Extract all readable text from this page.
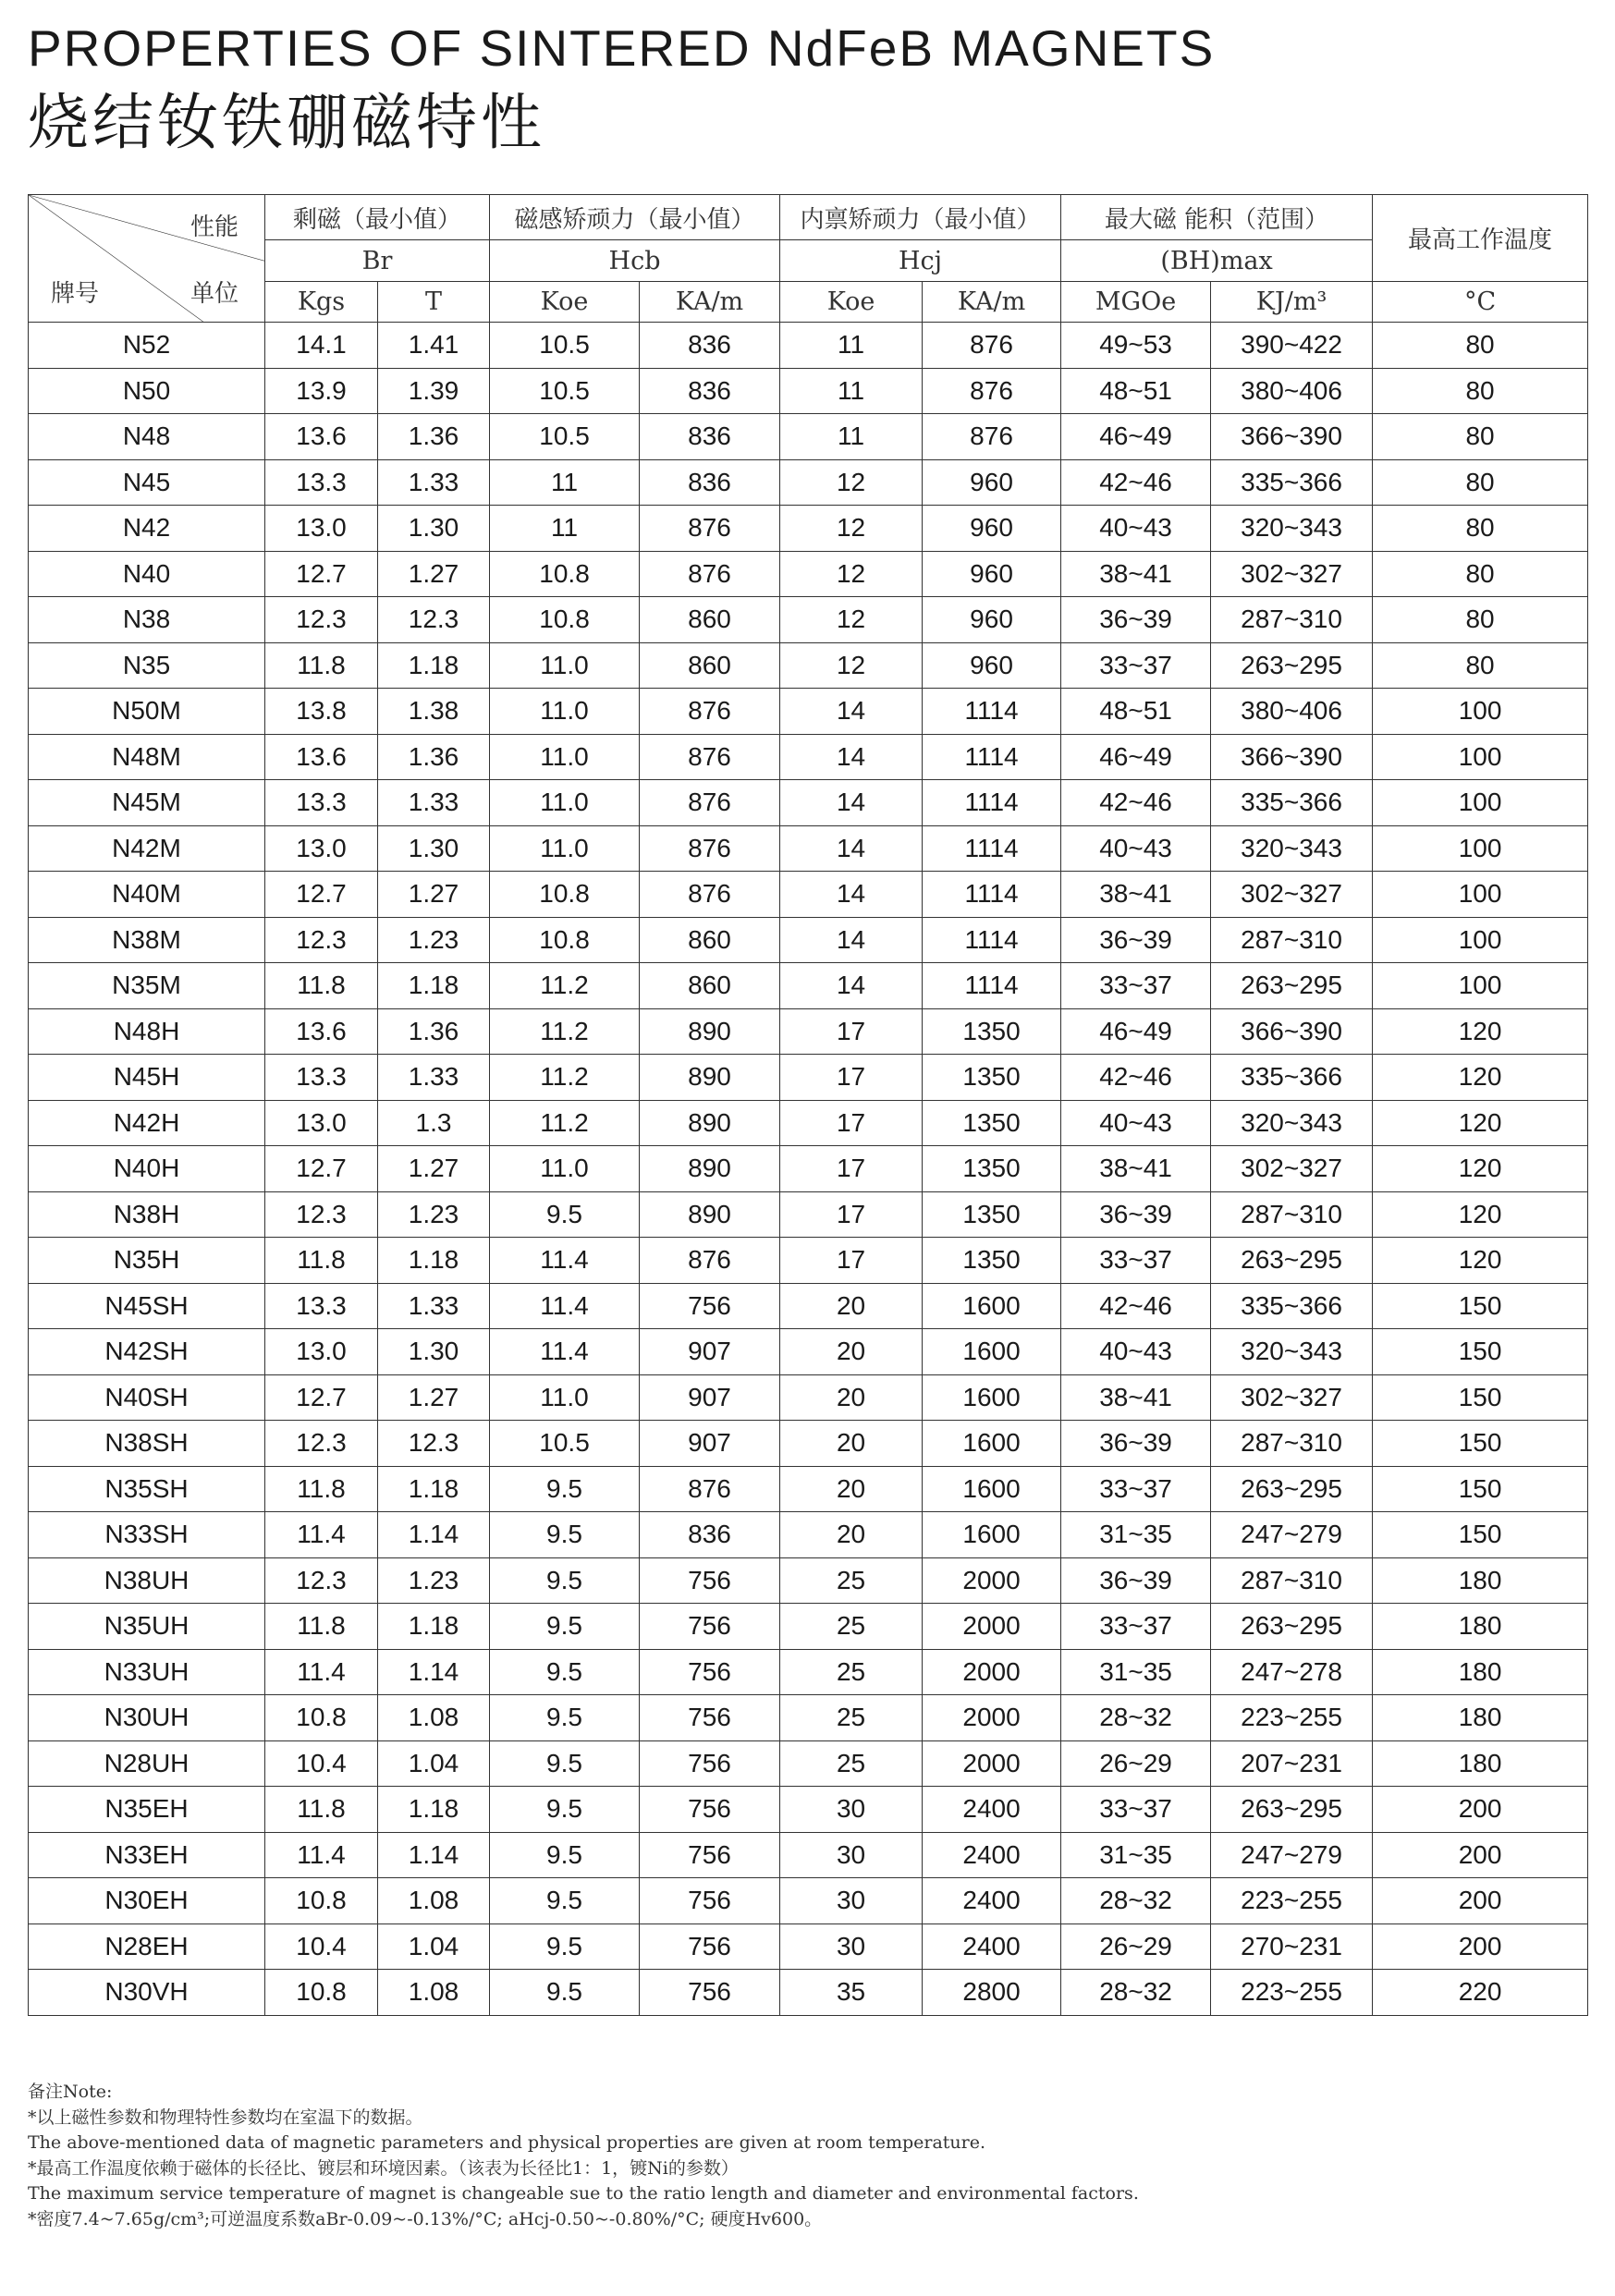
PROPERTIES OF SINTERED NdFeB MAGNETS
烧结钕铁硼磁特性
性能
牌号 单位	剩磁（最小值）		磁感矫顽力（最小值）		内禀矫顽力（最小值）		最大磁 能积（范围）		最高工作温度
	Br		Hcb		Hcj		(BH)max		
	Kgs	T	Koe	KA/m	Koe	KA/m	MGOe	KJ/m³	°C
N52	14.1	1.41	10.5	836	11	876	49~53	390~422	80
N50	13.9	1.39	10.5	836	11	876	48~51	380~406	80
N48	13.6	1.36	10.5	836	11	876	46~49	366~390	80
N45	13.3	1.33	11	836	12	960	42~46	335~366	80
N42	13.0	1.30	11	876	12	960	40~43	320~343	80
N40	12.7	1.27	10.8	876	12	960	38~41	302~327	80
N38	12.3	12.3	10.8	860	12	960	36~39	287~310	80
N35	11.8	1.18	11.0	860	12	960	33~37	263~295	80
N50M	13.8	1.38	11.0	876	14	1114	48~51	380~406	100
N48M	13.6	1.36	11.0	876	14	1114	46~49	366~390	100
N45M	13.3	1.33	11.0	876	14	1114	42~46	335~366	100
N42M	13.0	1.30	11.0	876	14	1114	40~43	320~343	100
N40M	12.7	1.27	10.8	876	14	1114	38~41	302~327	100
N38M	12.3	1.23	10.8	860	14	1114	36~39	287~310	100
N35M	11.8	1.18	11.2	860	14	1114	33~37	263~295	100
N48H	13.6	1.36	11.2	890	17	1350	46~49	366~390	120
N45H	13.3	1.33	11.2	890	17	1350	42~46	335~366	120
N42H	13.0	1.3	11.2	890	17	1350	40~43	320~343	120
N40H	12.7	1.27	11.0	890	17	1350	38~41	302~327	120
N38H	12.3	1.23	9.5	890	17	1350	36~39	287~310	120
N35H	11.8	1.18	11.4	876	17	1350	33~37	263~295	120
N45SH	13.3	1.33	11.4	756	20	1600	42~46	335~366	150
N42SH	13.0	1.30	11.4	907	20	1600	40~43	320~343	150
N40SH	12.7	1.27	11.0	907	20	1600	38~41	302~327	150
N38SH	12.3	12.3	10.5	907	20	1600	36~39	287~310	150
N35SH	11.8	1.18	9.5	876	20	1600	33~37	263~295	150
N33SH	11.4	1.14	9.5	836	20	1600	31~35	247~279	150
N38UH	12.3	1.23	9.5	756	25	2000	36~39	287~310	180
N35UH	11.8	1.18	9.5	756	25	2000	33~37	263~295	180
N33UH	11.4	1.14	9.5	756	25	2000	31~35	247~278	180
N30UH	10.8	1.08	9.5	756	25	2000	28~32	223~255	180
N28UH	10.4	1.04	9.5	756	25	2000	26~29	207~231	180
N35EH	11.8	1.18	9.5	756	30	2400	33~37	263~295	200
N33EH	11.4	1.14	9.5	756	30	2400	31~35	247~279	200
N30EH	10.8	1.08	9.5	756	30	2400	28~32	223~255	200
N28EH	10.4	1.04	9.5	756	30	2400	26~29	270~231	200
N30VH	10.8	1.08	9.5	756	35	2800	28~32	223~255	220
备注Note:
*以上磁性参数和物理特性参数均在室温下的数据。
The above-mentioned data of magnetic parameters and physical properties are given at room temperature.
*最高工作温度依赖于磁体的长径比、镀层和环境因素。（该表为长径比1：1，镀Ni的参数）
The maximum service temperature of magnet is changeable sue to the ratio length and diameter and environmental factors.
*密度7.4~7.65g/cm³;可逆温度系数aBr-0.09~-0.13%/°C; aHcj-0.50~-0.80%/°C; 硬度Hv600。
